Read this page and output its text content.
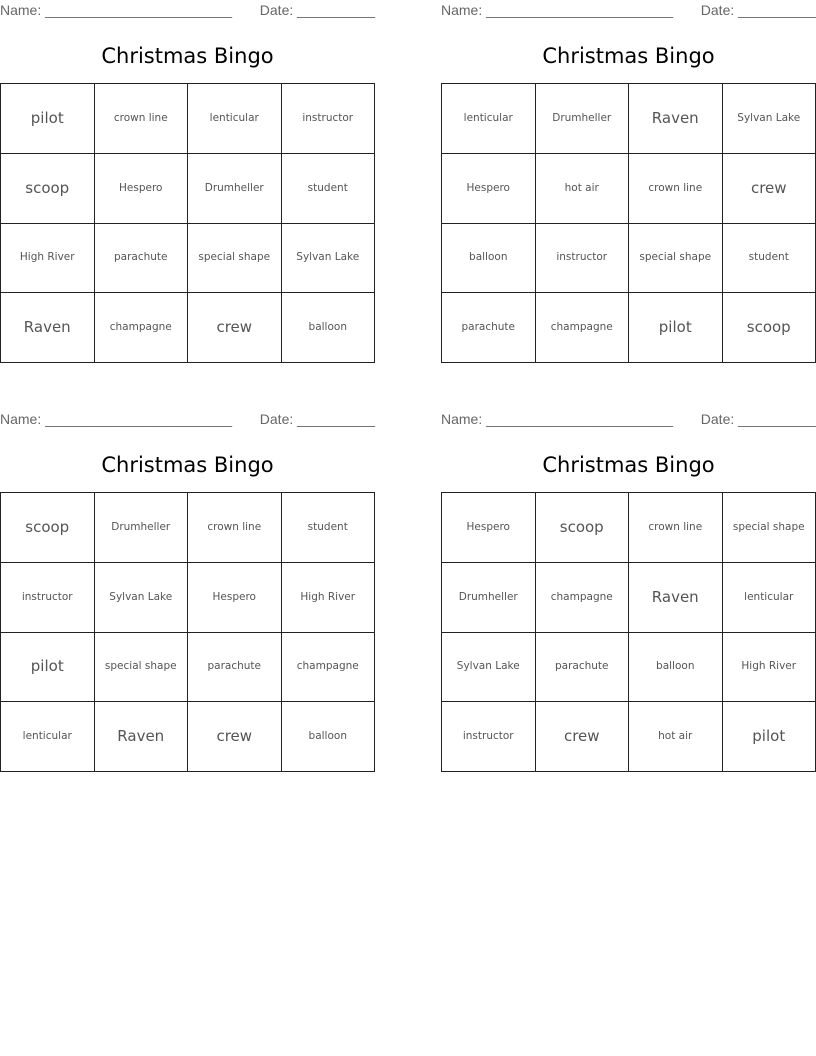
Name: ________________________ Date: __________
Christmas Bingo
pilot	crown line	lenticular	instructor
scoop	Hespero	Drumheller	student
High River	parachute	special shape	Sylvan Lake
Raven	champagne	crew	balloon
Name: ________________________ Date: __________
Christmas Bingo
lenticular	Drumheller	Raven	Sylvan Lake
Hespero	hot air	crown line	crew
balloon	instructor	special shape	student
parachute	champagne	pilot	scoop
Name: ________________________ Date: __________
Christmas Bingo
scoop	Drumheller	crown line	student
instructor	Sylvan Lake	Hespero	High River
pilot	special shape	parachute	champagne
lenticular	Raven	crew	balloon
Name: ________________________ Date: __________
Christmas Bingo
Hespero	scoop	crown line	special shape
Drumheller	champagne	Raven	lenticular
Sylvan Lake	parachute	balloon	High River
instructor	crew	hot air	pilot
